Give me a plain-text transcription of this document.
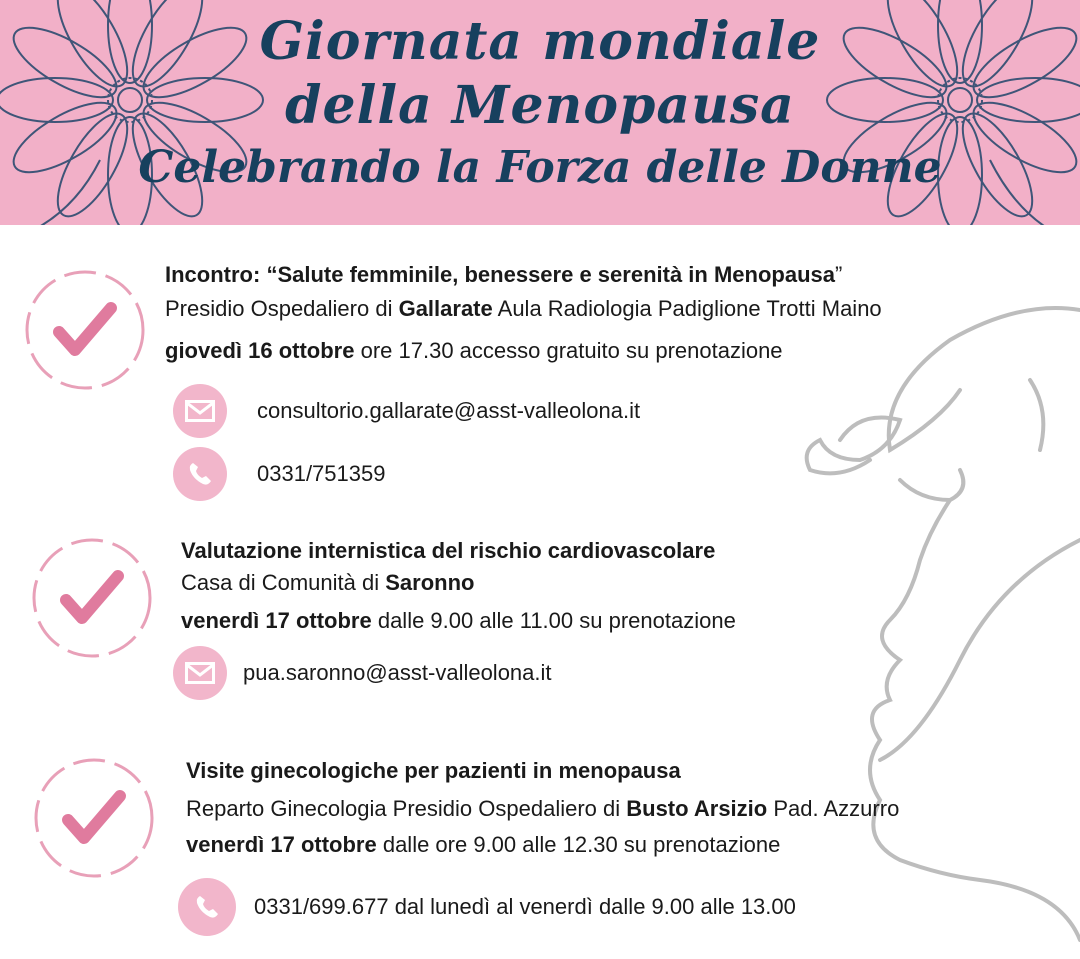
Giornata mondiale
della Menopausa
Celebrando la Forza delle Donne
Incontro: “Salute femminile, benessere e serenità in Menopausa”
Presidio Ospedaliero di Gallarate Aula Radiologia Padiglione Trotti Maino
giovedì 16 ottobre ore 17.30 accesso gratuito su prenotazione
consultorio.gallarate@asst-valleolona.it
0331/751359
Valutazione internistica del rischio cardiovascolare
Casa di Comunità di Saronno
venerdì 17 ottobre dalle 9.00 alle 11.00 su prenotazione
pua.saronno@asst-valleolona.it
Visite ginecologiche per pazienti in menopausa
Reparto Ginecologia Presidio Ospedaliero di Busto Arsizio Pad. Azzurro
venerdì 17 ottobre dalle ore 9.00 alle 12.30 su prenotazione
0331/699.677 dal lunedì al venerdì dalle 9.00 alle 13.00
